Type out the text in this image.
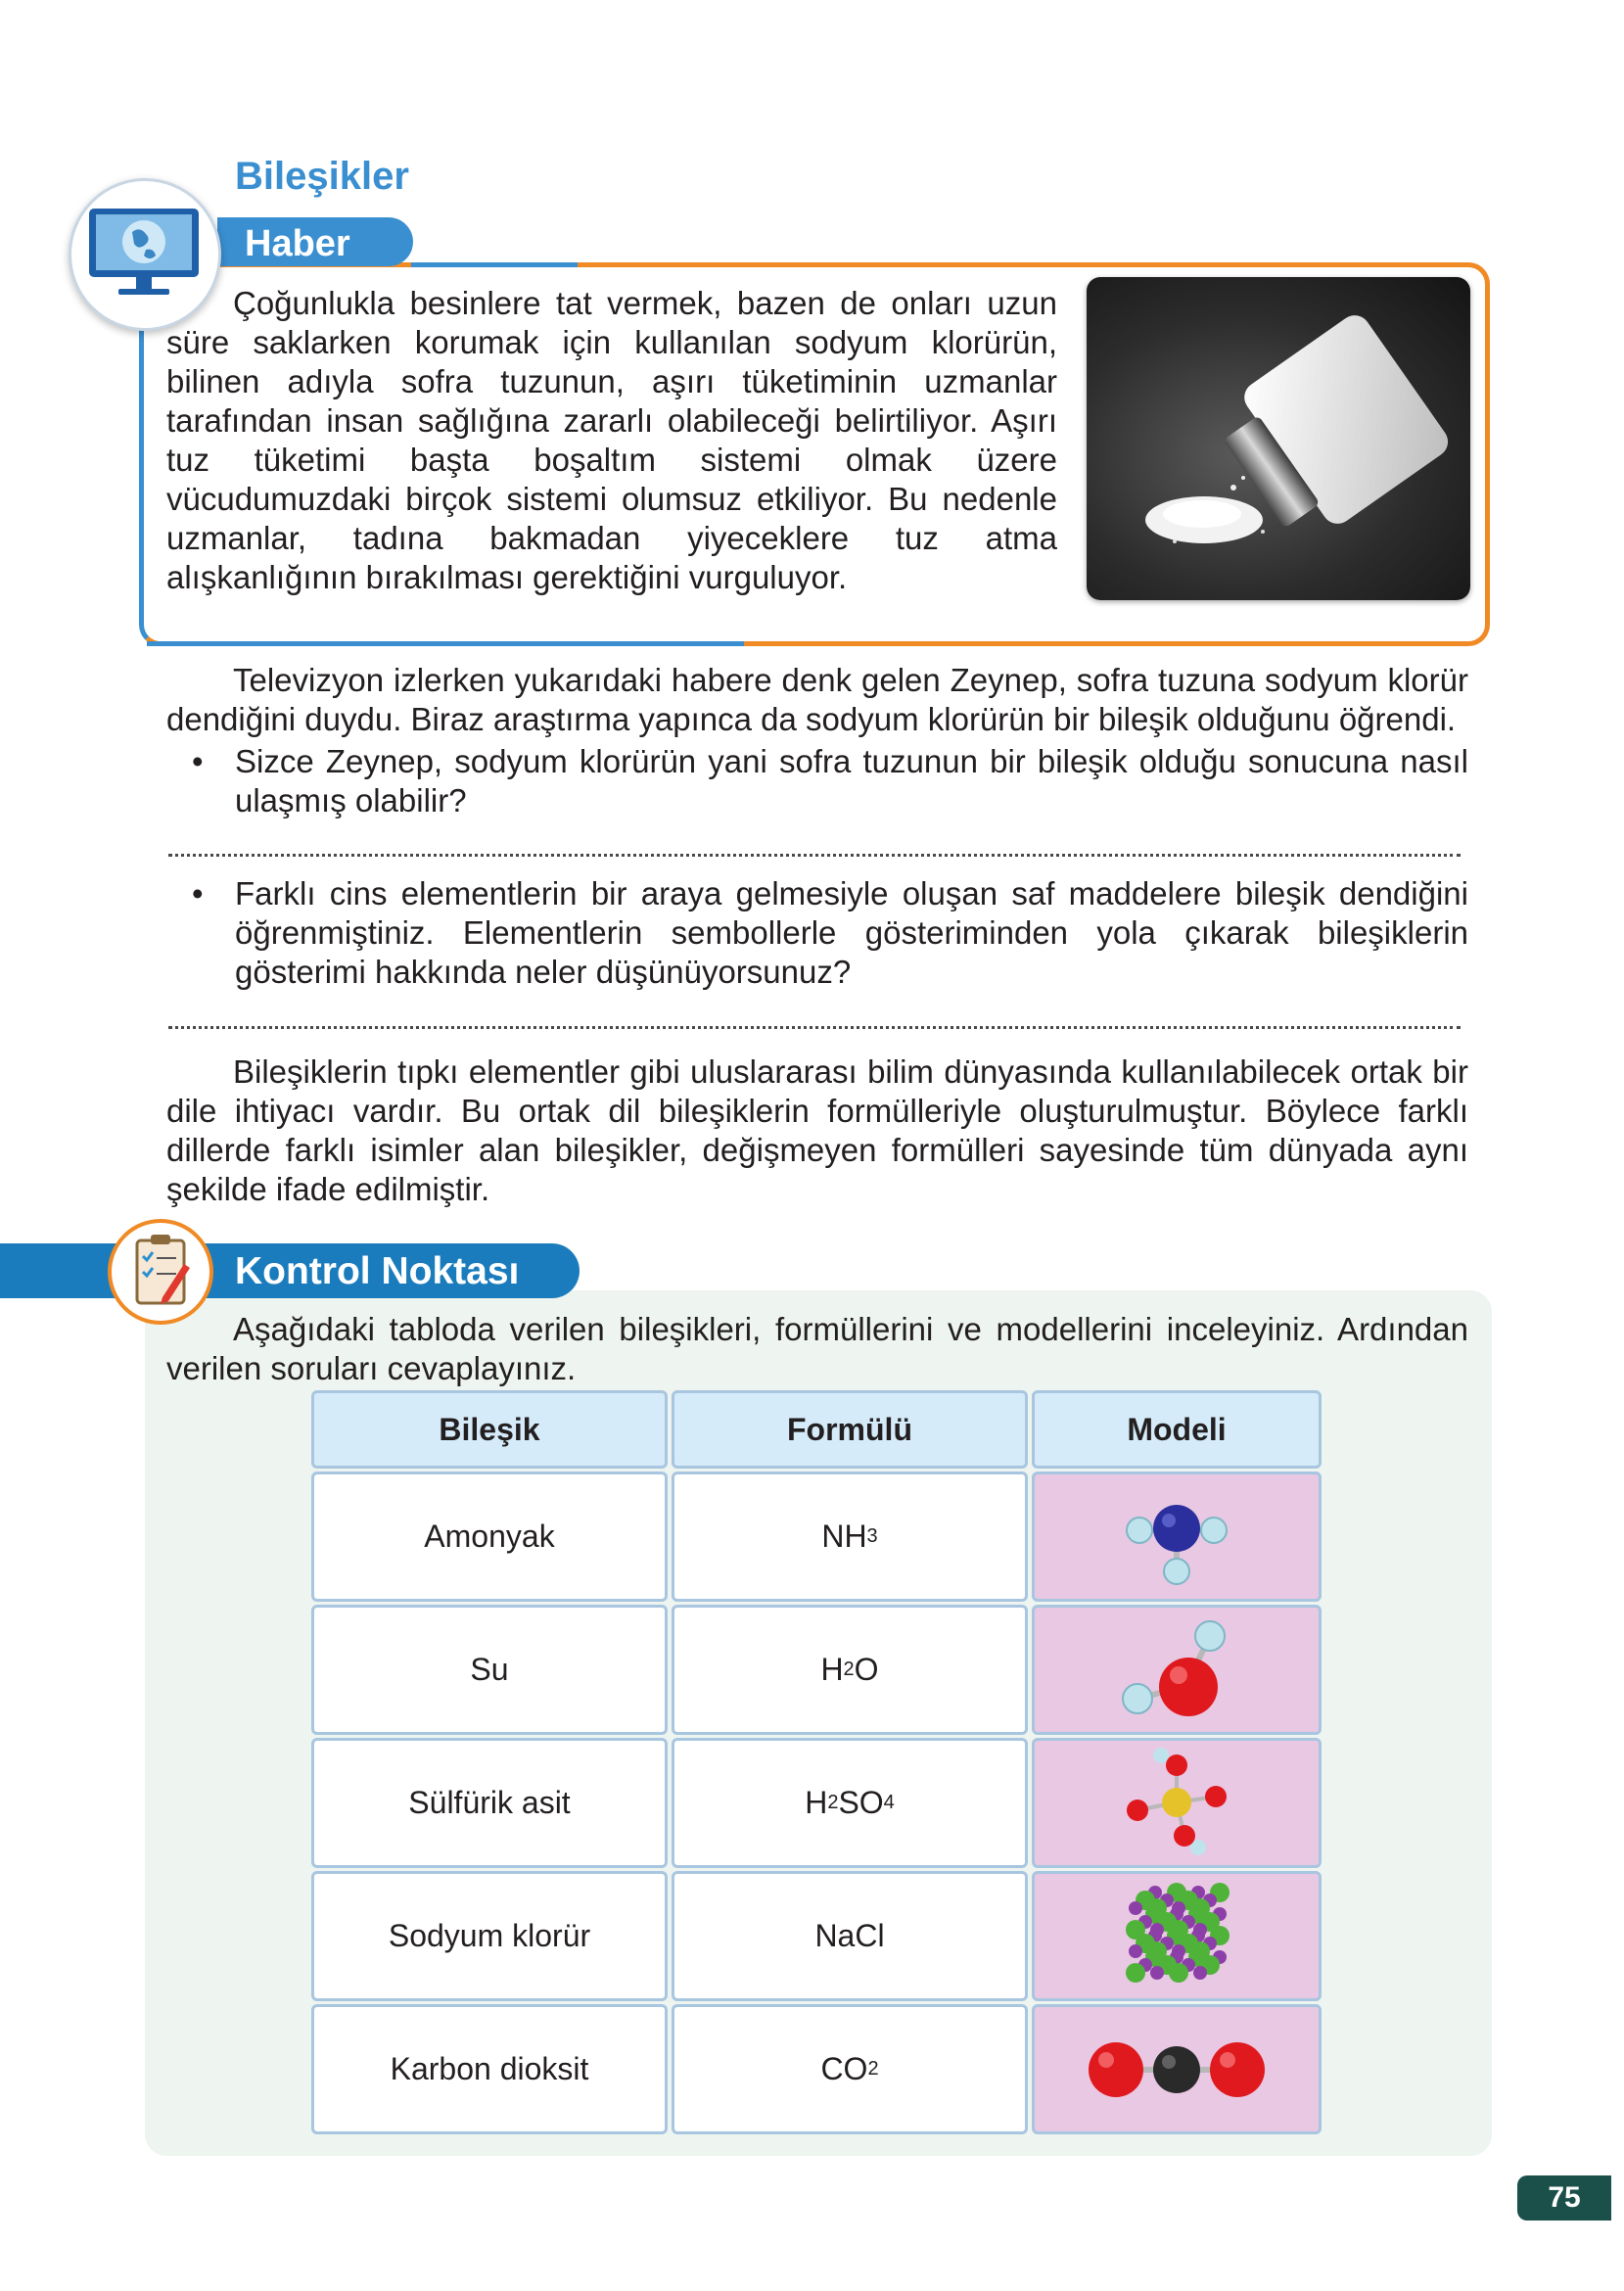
Bileşikler
Haber

Çoğunlukla besinlere tat vermek, bazen de onları uzun süre saklarken korumak için kullanılan sodyum klorürün, bilinen adıyla sofra tuzunun, aşırı tüketiminin uzmanlar tarafından insan sağlığına zararlı olabileceği belirtiliyor. Aşırı tuz tüketimi başta boşaltım sistemi olmak üzere vücudumuzdaki birçok sistemi olumsuz etkiliyor. Bu nedenle uzmanlar, tadına bakmadan yiyeceklere tuz atma alışkanlığının bırakılması gerektiğini vurguluyor.

Televizyon izlerken yukarıdaki habere denk gelen Zeynep, sofra tuzuna sodyum klorür dendiğini duydu. Biraz araştırma yapınca da sodyum klorürün bir bileşik olduğunu öğrendi.

• Sizce Zeynep, sodyum klorürün yani sofra tuzunun bir bileşik olduğu sonucuna nasıl ulaşmış olabilir?

• Farklı cins elementlerin bir araya gelmesiyle oluşan saf maddelere bileşik dendiğini öğrenmiştiniz. Elementlerin sembollerle gösteriminden yola çıkarak bileşiklerin gösterimi hakkında neler düşünüyorsunuz?

Bileşiklerin tıpkı elementler gibi uluslararası bilim dünyasında kullanılabilecek ortak bir dile ihtiyacı vardır. Bu ortak dil bileşiklerin formülleriyle oluşturulmuştur. Böylece farklı dillerde farklı isimler alan bileşikler, değişmeyen formülleri sayesinde tüm dünyada aynı şekilde ifade edilmiştir.

Kontrol Noktası

Aşağıdaki tabloda verilen bileşikleri, formüllerini ve modellerini inceleyiniz. Ardından verilen soruları cevaplayınız.

Bileşik	Formülü	Modeli
Amonyak	NH 3
Su	H 2 O
Sülfürik asit	H 2 SO 4
Sodyum klorür	NaCl
Karbon dioksit	CO 2
75
